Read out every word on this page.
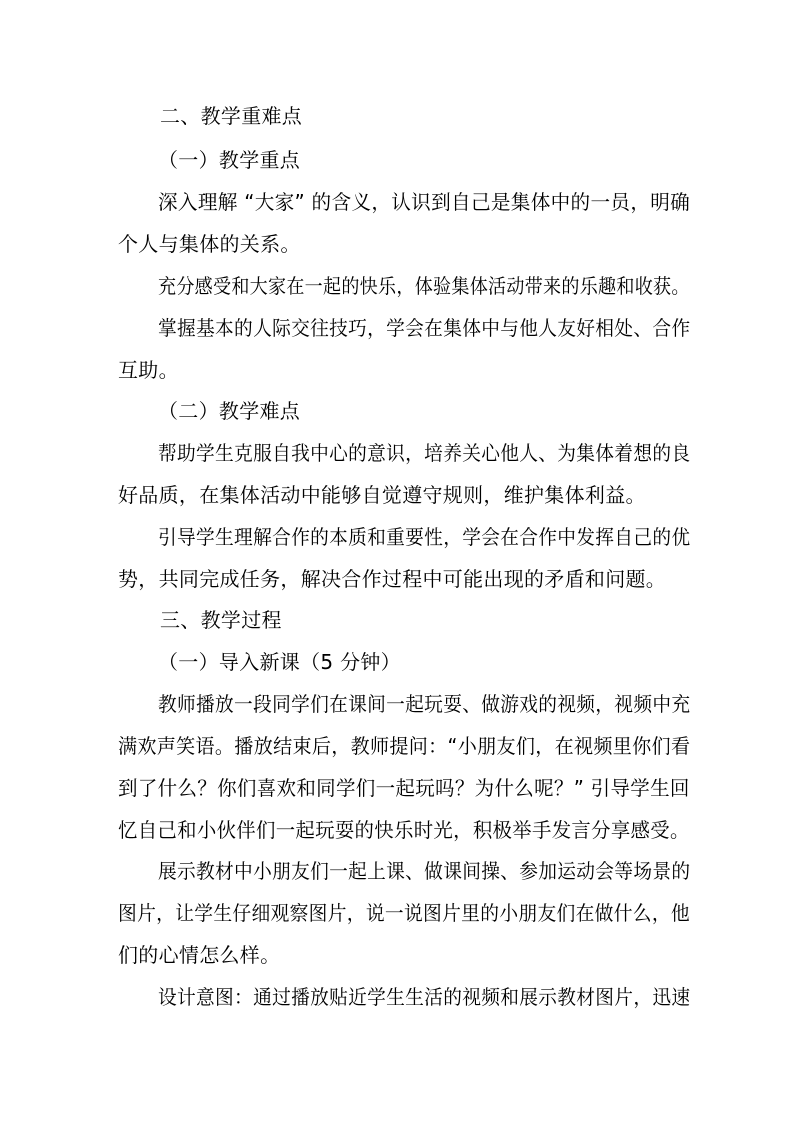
二、教学重难点
（一）教学重点
深入理解 “大家” 的含义，认识到自己是集体中的一员，明确
个人与集体的关系。
充分感受和大家在一起的快乐，体验集体活动带来的乐趣和收获。
掌握基本的人际交往技巧，学会在集体中与他人友好相处、合作
互助。
（二）教学难点
帮助学生克服自我中心的意识，培养关心他人、为集体着想的良
好品质，在集体活动中能够自觉遵守规则，维护集体利益。
引导学生理解合作的本质和重要性，学会在合作中发挥自己的优
势，共同完成任务，解决合作过程中可能出现的矛盾和问题。
三、教学过程
（一）导入新课（5 分钟）
教师播放一段同学们在课间一起玩耍、做游戏的视频，视频中充
满欢声笑语。播放结束后，教师提问：“小朋友们，在视频里你们看
到了什么？你们喜欢和同学们一起玩吗？为什么呢？” 引导学生回
忆自己和小伙伴们一起玩耍的快乐时光，积极举手发言分享感受。
展示教材中小朋友们一起上课、做课间操、参加运动会等场景的
图片，让学生仔细观察图片，说一说图片里的小朋友们在做什么，他
们的心情怎么样。
设计意图：通过播放贴近学生生活的视频和展示教材图片，迅速
